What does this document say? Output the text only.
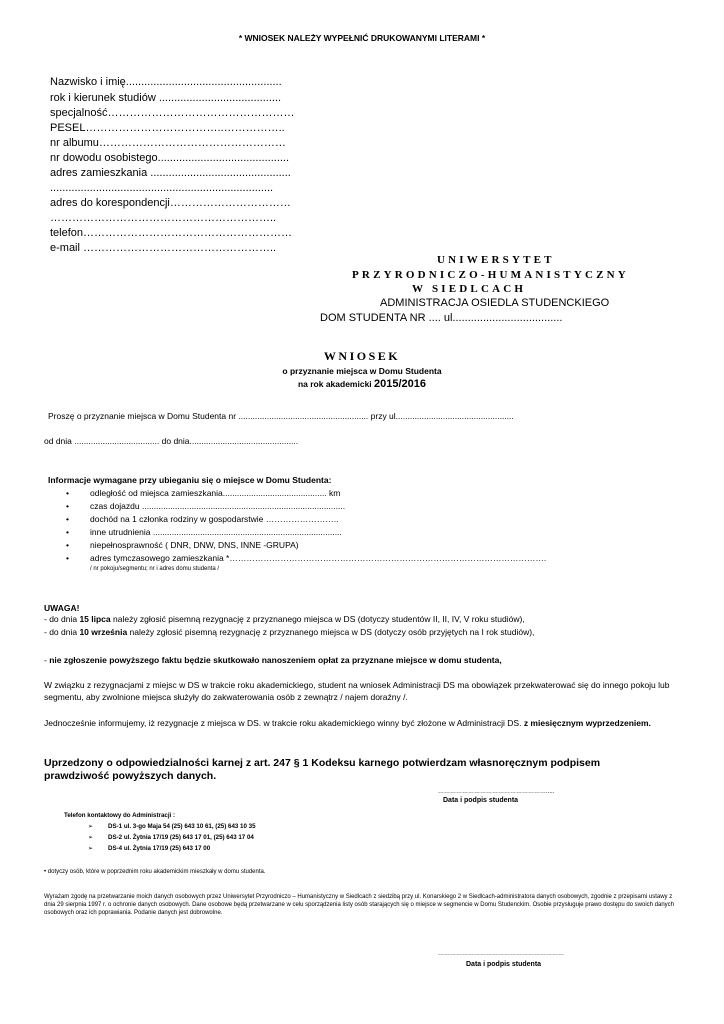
* WNIOSEK NALEŻY WYPEŁNIĆ DRUKOWANYMI LITERAMI *
Nazwisko i imię...................................................
rok i kierunek studiów ........................................
specjalność……………………………………………
PESEL………………………………..……………..
nr albumu……………………………………………
nr dowodu osobistego...........................................
adres zamieszkania ..............................................
.........................................................................
adres do korespondencji……………………………
……………………………………………………..
telefon…………………………………………………
e-mail ……………………………………………..
UNIWERSYTET
PRZYRODNICZO-HUMANISTYCZNY
W SIEDLCACH
ADMINISTRACJA OSIEDLA STUDENCKIEGO
DOM STUDENTA NR .... ul....................................
WNIOSEK
o przyznanie miejsca w Domu Studenta
na rok akademicki 2015/2016
Proszę o przyznanie miejsca w Domu Studenta nr ....................................................... przy ul..................................................
od dnia .................................... do dnia..............................................
Informacje wymagane przy ubieganiu się o miejsce w Domu Studenta:
• odległość od miejsca zamieszkania............................................ km
• czas dojazdu ......................................................................................
• dochód na 1 członka rodziny w gospodarstwie ……………………..
• inne utrudnienia ................................................................................
• niepełnosprawność ( DNR, DNW, DNS, INNE -GRUPA)
• adres tymczasowego zamieszkania *………………………………………………………………………………………………….
/ nr pokoju/segmentu; nr i adres domu studenta /
UWAGA!
- do dnia 15 lipca należy zgłosić pisemną rezygnację z przyznanego miejsca w DS (dotyczy studentów II, II, IV, V roku studiów),
- do dnia 10 września należy zgłosić pisemną rezygnację z przyznanego miejsca w DS (dotyczy osób przyjętych na I rok studiów),
- nie zgłoszenie powyższego faktu będzie skutkowało nanoszeniem opłat za przyznane miejsce w domu studenta,
W związku z rezygnacjami z miejsc w DS w trakcie roku akademickiego, student na wniosek Administracji DS ma obowiązek przekwaterować się do innego pokoju lub segmentu, aby zwolnione miejsca służyły do zakwaterowania osób z zewnątrz / najem doraźny /.
Jednocześnie informujemy, iż rezygnacje z miejsca w DS. w trakcie roku akademickiego winny być złożone w Administracji DS. z miesięcznym wyprzedzeniem.
Uprzedzony o odpowiedzialności karnej z art. 247 § 1 Kodeksu karnego potwierdzam własnoręcznym podpisem prawdziwość powyższych danych.
……………………………………………….....
Data i podpis studenta
Telefon kontaktowy do Administracji :
➢ DS-1 ul. 3-go Maja 54 (25) 643 10 61, (25) 643 10 35
➢ DS-2 ul. Żytnia 17/19 (25) 643 17 01, (25) 643 17 04
➢ DS-4 ul. Żytnia 17/19 (25) 643 17 00
• dotyczy osób, które w poprzednim roku akademickim mieszkały w domu studenta.
Wyrażam zgodę na przetwarzanie moich danych osobowych przez Uniwersytet Przyrodniczo – Humanistyczny w Siedlcach z siedzibą przy ul. Konarskiego 2 w Siedlcach-administratora danych osobowych, zgodnie z przepisami ustawy z dnia 29 sierpnia 1997 r. o ochronie danych osobowych. Dane osobowe będą przetwarzane w celu sporządzenia listy osób starających się o miejsce w segmencie w Domu Studenckim. Osobie przysługuje prawo dostępu do swoich danych osobowych oraz ich poprawiania. Podanie danych jest dobrowolne.
………………………………………………………
Data i podpis studenta
